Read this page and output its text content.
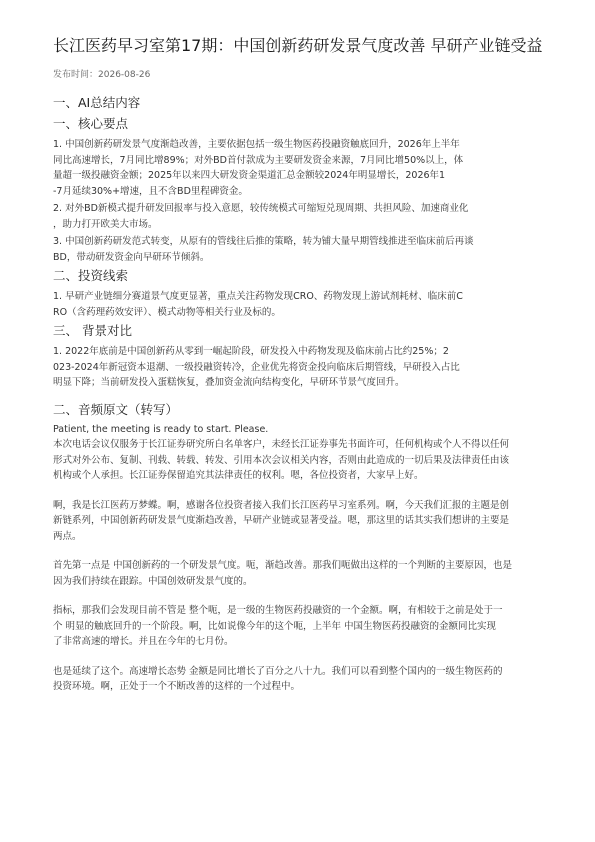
长江医药早习室第17期：中国创新药研发景气度改善 早研产业链受益
发布时间：2026-08-26
一、AI总结内容
一、核心要点
1. 中国创新药研发景气度渐趋改善，主要依据包括一级生物医药投融资触底回升，2026年上半年
同比高速增长，7月同比增89%；对外BD首付款成为主要研发资金来源，7月同比增50%以上，体
量超一级投融资金额；2025年以来四大研发资金渠道汇总金额较2024年明显增长，2026年1
-7月延续30%+增速，且不含BD里程碑资金。
2. 对外BD新模式提升研发回报率与投入意愿，较传统模式可缩短兑现周期、共担风险、加速商业化
，助力打开欧美大市场。
3. 中国创新药研发范式转变，从原有的管线往后推的策略，转为铺大量早期管线推进至临床前后再谈
BD，带动研发资金向早研环节倾斜。
二、投资线索
1. 早研产业链细分赛道景气度更显著，重点关注药物发现CRO、药物发现上游试剂耗材、临床前C
RO（含药理药效安评）、模式动物等相关行业及标的。
三、 背景对比
1. 2022年底前是中国创新药从零到一崛起阶段，研发投入中药物发现及临床前占比约25%；2
023-2024年新冠资本退潮、一级投融资转冷，企业优先将资金投向临床后期管线，早研投入占比
明显下降；当前研发投入蛋糕恢复，叠加资金流向结构变化，早研环节景气度回升。
二、音频原文（转写）
Patient, the meeting is ready to start. Please.
本次电话会议仅服务于长江证券研究所白名单客户，未经长江证券事先书面许可，任何机构或个人不得以任何
形式对外公布、复制、刊载、转载、转发、引用本次会议相关内容，否则由此造成的一切后果及法律责任由该
机构或个人承担。长江证券保留追究其法律责任的权利。嗯，各位投资者，大家早上好。
啊，我是长江医药万梦蝶。啊，感谢各位投资者接入我们长江医药早习室系列。啊，今天我们汇报的主题是创
新链系列，中国创新药研发景气度渐趋改善，早研产业链或显著受益。嗯，那这里的话其实我们想讲的主要是
两点。
首先第一点是 中国创新药的一个研发景气度。呃，渐趋改善。那我们呃做出这样的一个判断的主要原因，也是
因为我们持续在跟踪。中国创效研发景气度的。
指标，那我们会发现目前不管是 整个呃，是一级的生物医药投融资的一个金额。啊，有相较于之前是处于一
个 明显的触底回升的一个阶段。啊，比如说像今年的这个呃，上半年 中国生物医药投融资的金额同比实现
了非常高速的增长。并且在今年的七月份。
也是延续了这个。高速增长态势 金额是同比增长了百分之八十九。我们可以看到整个国内的一级生物医药的
投资环境。啊，正处于一个不断改善的这样的一个过程中。
